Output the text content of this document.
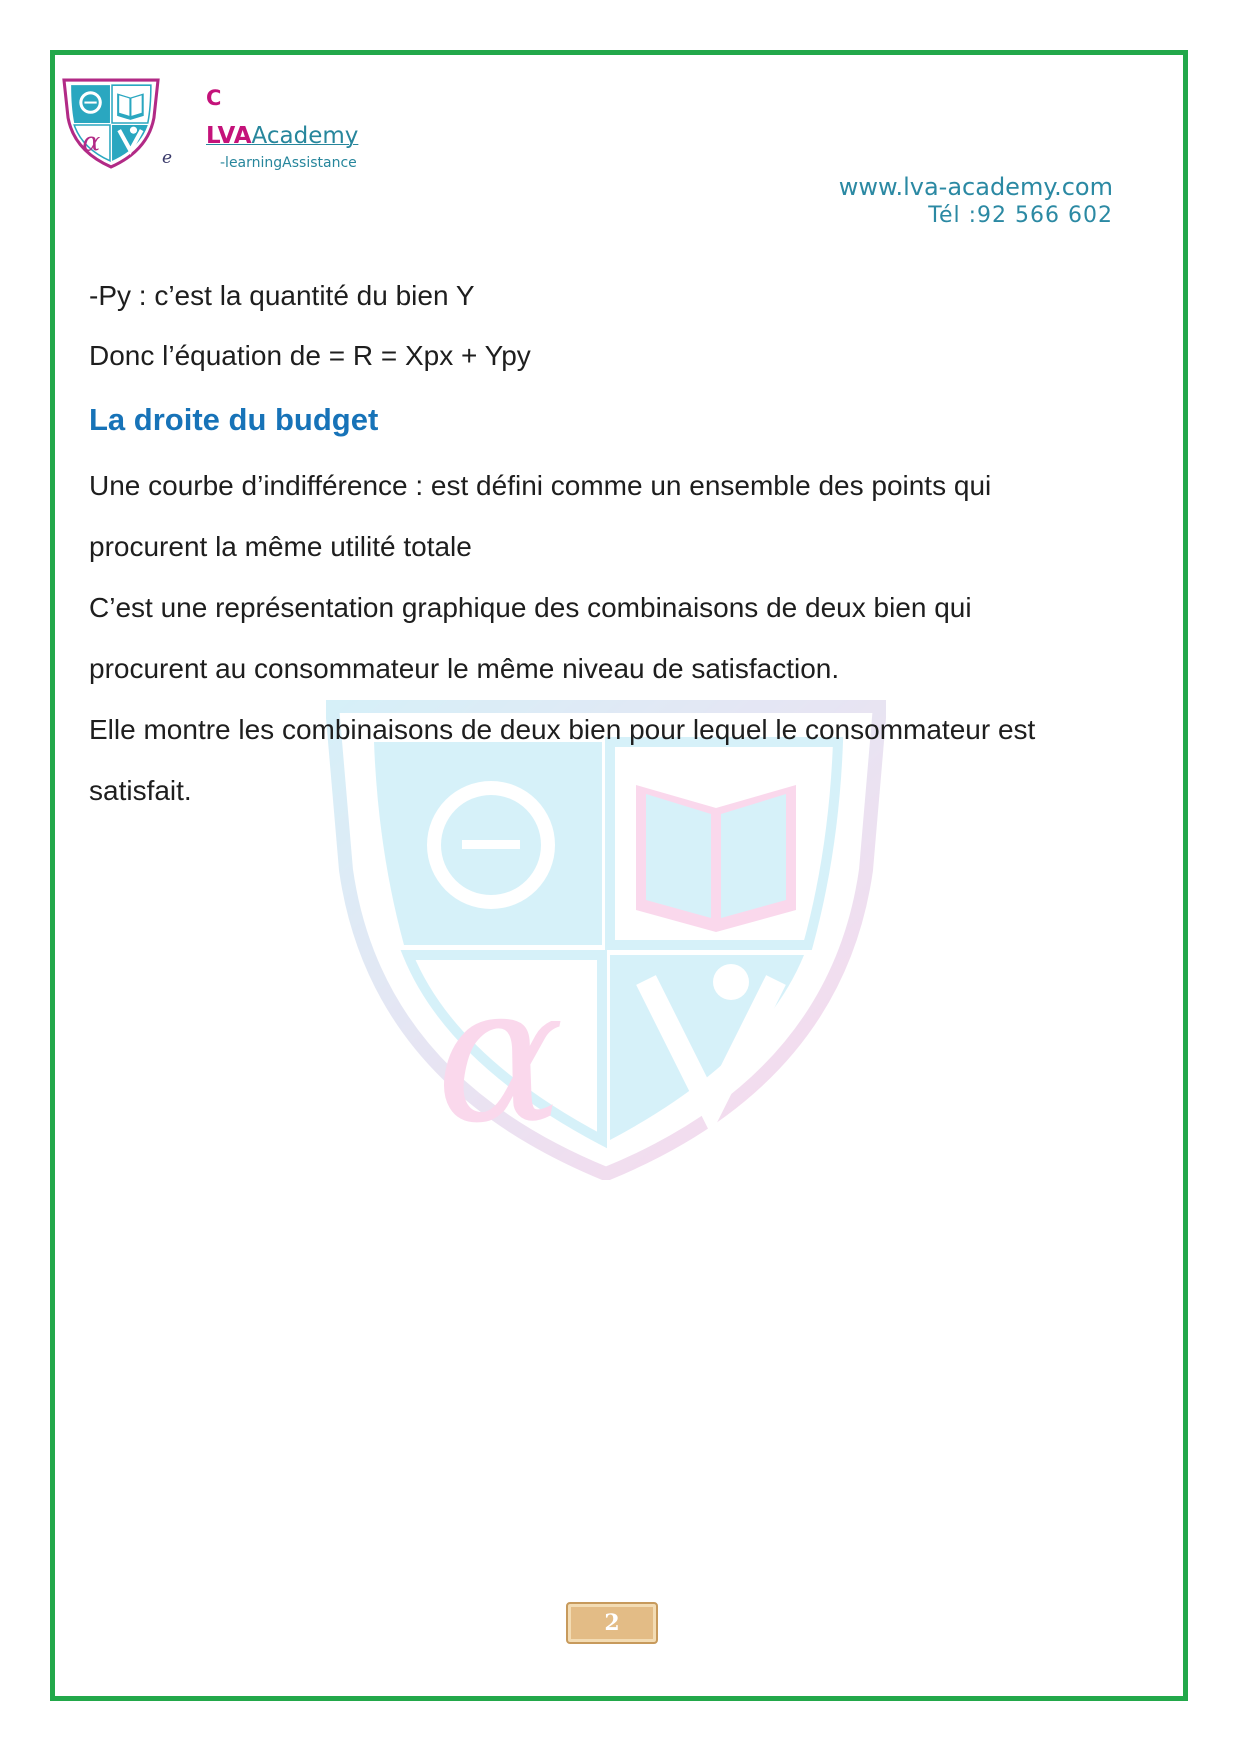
α
e
C
LVAAcademy
-learningAssistance
www.lva-academy.com
Tél :92 566 602
α
-Py : c’est la quantité du bien Y
Donc l’équation de = R = Xpx + Ypy
La droite du budget
Une courbe d’indifférence : est défini comme un ensemble des points qui
procurent la même utilité totale
C’est une représentation graphique des combinaisons de deux bien qui
procurent au consommateur le même niveau de satisfaction.
Elle montre les combinaisons de deux bien pour lequel le consommateur est
satisfait.
2
